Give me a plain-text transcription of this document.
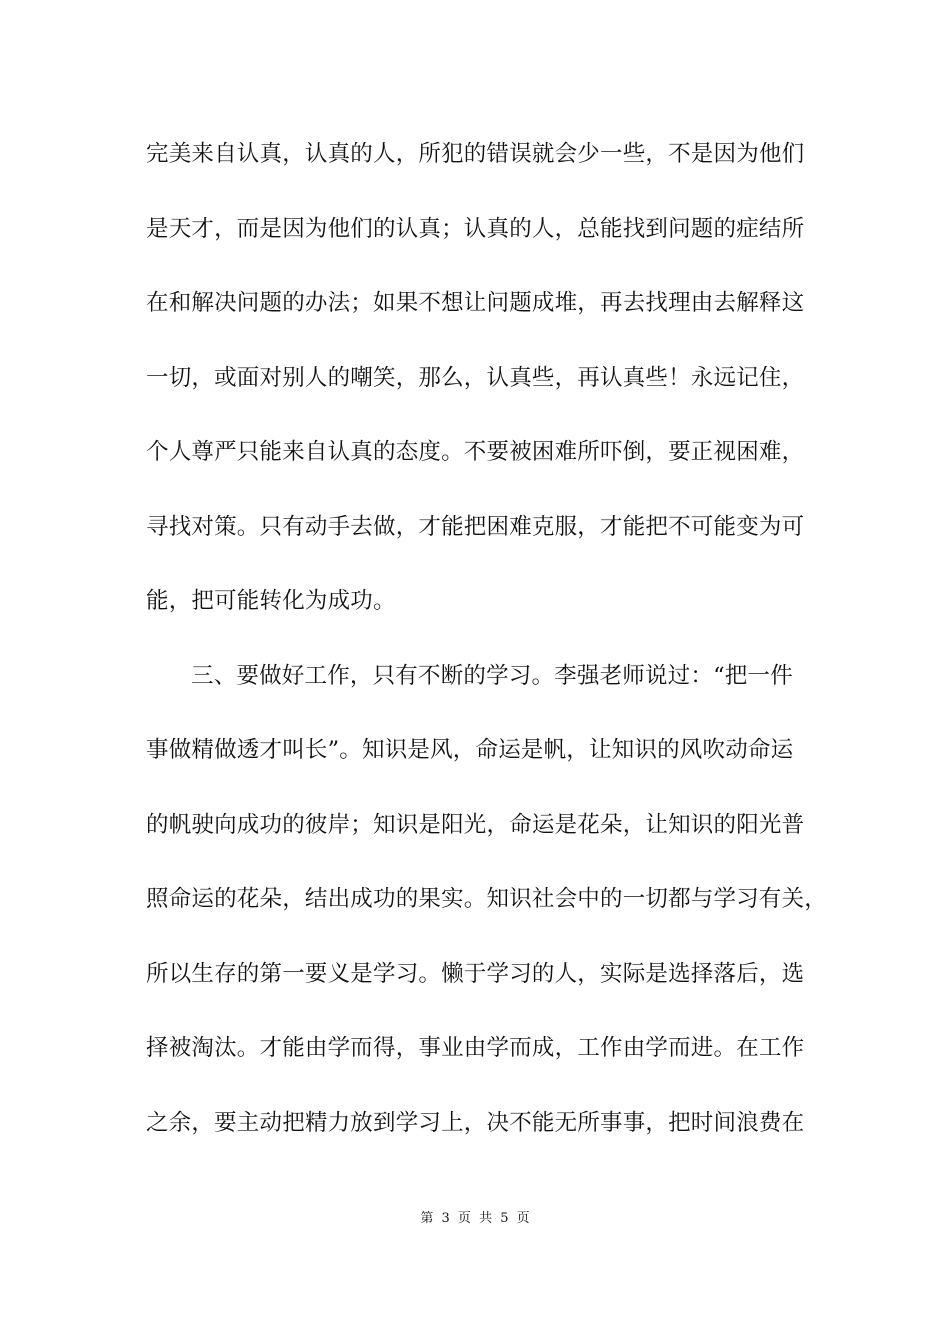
完美来自认真，认真的人，所犯的错误就会少一些，不是因为他们
是天才，而是因为他们的认真；认真的人，总能找到问题的症结所
在和解决问题的办法；如果不想让问题成堆，再去找理由去解释这
一切，或面对别人的嘲笑，那么，认真些，再认真些！永远记住，
个人尊严只能来自认真的态度。不要被困难所吓倒，要正视困难，
寻找对策。只有动手去做，才能把困难克服，才能把不可能变为可
能，把可能转化为成功。
三、要做好工作，只有不断的学习。李强老师说过：“把一件
事做精做透才叫长”。知识是风，命运是帆，让知识的风吹动命运
的帆驶向成功的彼岸；知识是阳光，命运是花朵，让知识的阳光普
照命运的花朵，结出成功的果实。知识社会中的一切都与学习有关，
所以生存的第一要义是学习。懒于学习的人，实际是选择落后，选
择被淘汰。才能由学而得，事业由学而成，工作由学而进。在工作
之余，要主动把精力放到学习上，决不能无所事事，把时间浪费在
第 3 页 共 5 页
